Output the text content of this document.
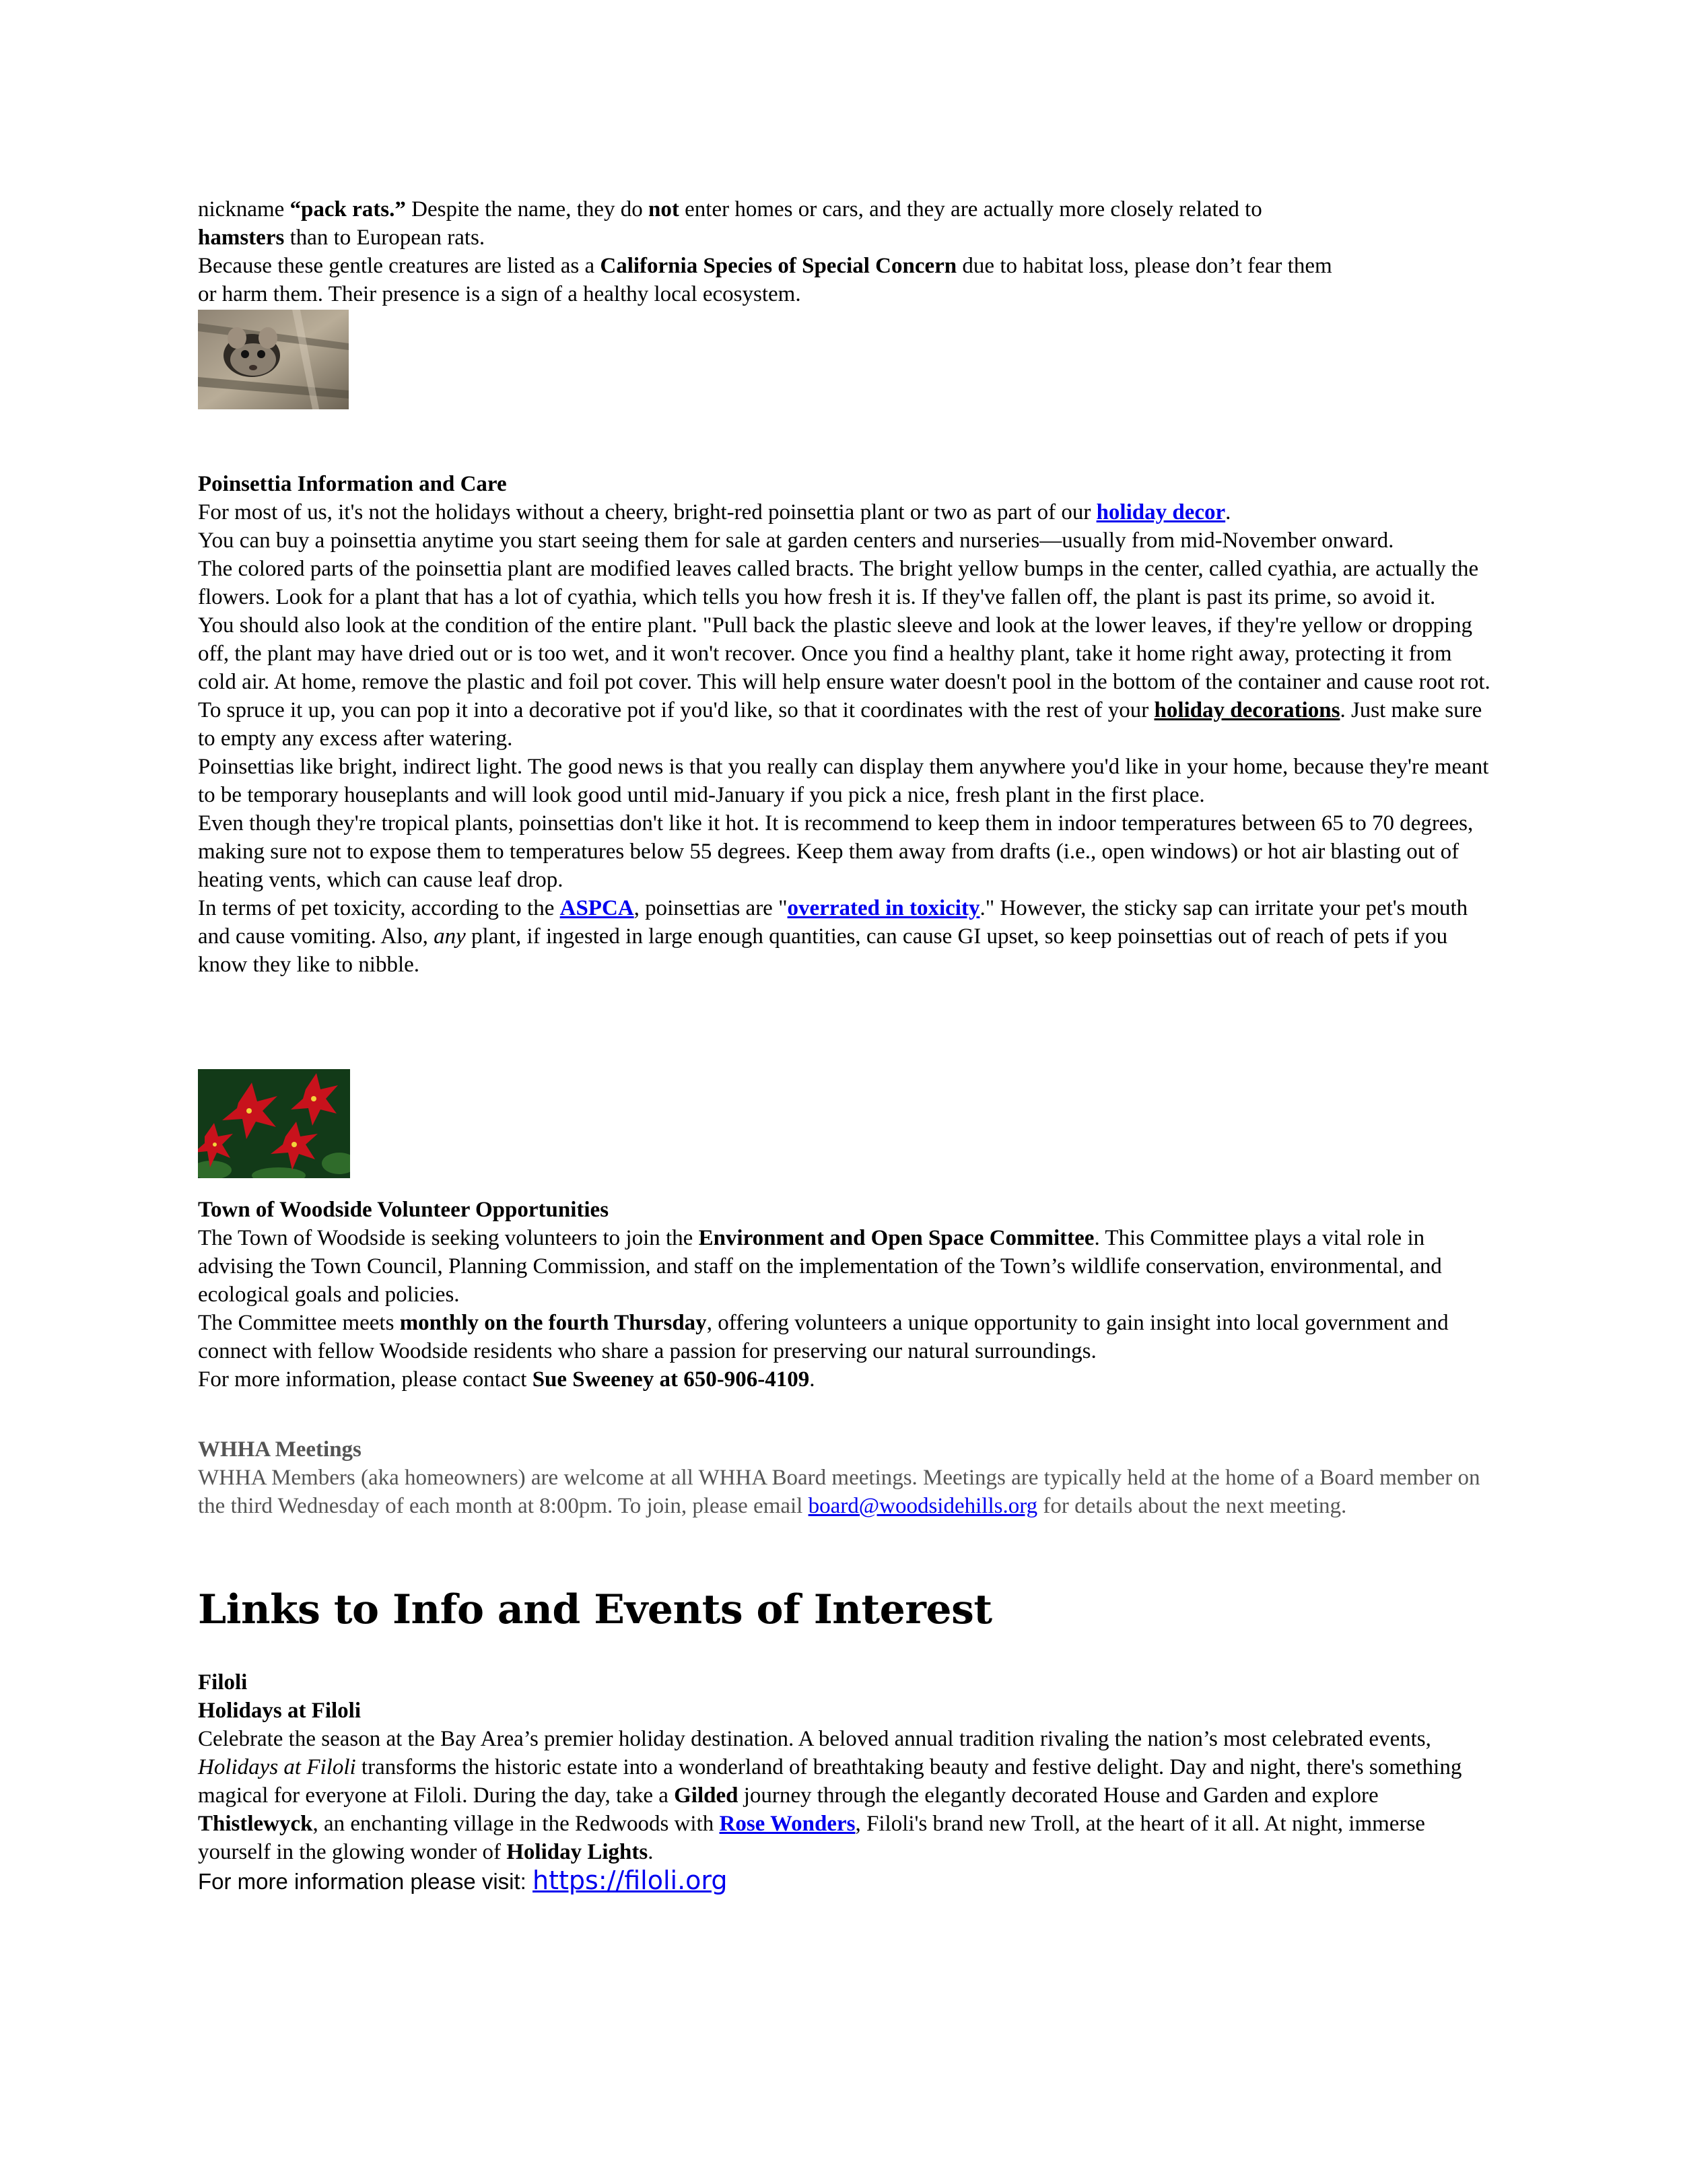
nickname “pack rats.” Despite the name, they do not enter homes or cars, and they are actually more closely related to

hamsters than to European rats.

Because these gentle creatures are listed as a California Species of Special Concern due to habitat loss, please don’t fear them

or harm them. Their presence is a sign of a healthy local ecosystem.

Poinsettia Information and Care

For most of us, it's not the holidays without a cheery, bright-red poinsettia plant or two as part of our holiday decor.

You can buy a poinsettia anytime you start seeing them for sale at garden centers and nurseries—usually from mid-November onward.

The colored parts of the poinsettia plant are modified leaves called bracts. The bright yellow bumps in the center, called cyathia, are actually the flowers. Look for a plant that has a lot of cyathia, which tells you how fresh it is. If they've fallen off, the plant is past its prime, so avoid it.

You should also look at the condition of the entire plant. "Pull back the plastic sleeve and look at the lower leaves, if they're yellow or dropping off, the plant may have dried out or is too wet, and it won't recover. Once you find a healthy plant, take it home right away, protecting it from cold air. At home, remove the plastic and foil pot cover. This will help ensure water doesn't pool in the bottom of the container and cause root rot. To spruce it up, you can pop it into a decorative pot if you'd like, so that it coordinates with the rest of your holiday decorations. Just make sure to empty any excess after watering.

Poinsettias like bright, indirect light. The good news is that you really can display them anywhere you'd like in your home, because they're meant to be temporary houseplants and will look good until mid-January if you pick a nice, fresh plant in the first place.

Even though they're tropical plants, poinsettias don't like it hot. It is recommend to keep them in indoor temperatures between 65 to 70 degrees, making sure not to expose them to temperatures below 55 degrees. Keep them away from drafts (i.e., open windows) or hot air blasting out of heating vents, which can cause leaf drop.

In terms of pet toxicity, according to the ASPCA, poinsettias are "overrated in toxicity." However, the sticky sap can irritate your pet's mouth and cause vomiting. Also, any plant, if ingested in large enough quantities, can cause GI upset, so keep poinsettias out of reach of pets if you know they like to nibble.

Town of Woodside Volunteer Opportunities

The Town of Woodside is seeking volunteers to join the Environment and Open Space Committee. This Committee plays a vital role in advising the Town Council, Planning Commission, and staff on the implementation of the Town’s wildlife conservation, environmental, and ecological goals and policies.

The Committee meets monthly on the fourth Thursday, offering volunteers a unique opportunity to gain insight into local government and connect with fellow Woodside residents who share a passion for preserving our natural surroundings.

For more information, please contact Sue Sweeney at 650-906-4109.

WHHA Meetings

WHHA Members (aka homeowners) are welcome at all WHHA Board meetings. Meetings are typically held at the home of a Board member on the third Wednesday of each month at 8:00pm. To join, please email board@woodsidehills.org for details about the next meeting.

Links to Info and Events of Interest

Filoli

Holidays at Filoli

Celebrate the season at the Bay Area’s premier holiday destination. A beloved annual tradition rivaling the nation’s most celebrated events, Holidays at Filoli transforms the historic estate into a wonderland of breathtaking beauty and festive delight. Day and night, there's something magical for everyone at Filoli. During the day, take a Gilded journey through the elegantly decorated House and Garden and explore Thistlewyck, an enchanting village in the Redwoods with Rose Wonders, Filoli's brand new Troll, at the heart of it all. At night, immerse yourself in the glowing wonder of Holiday Lights.

For more information please visit: https://filoli.org
